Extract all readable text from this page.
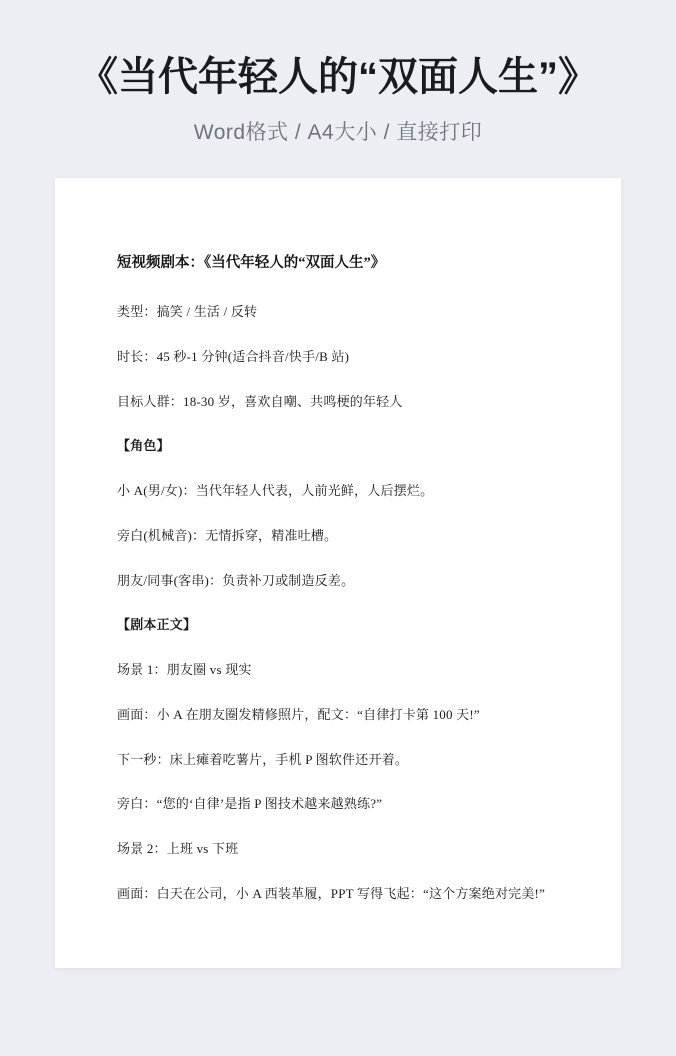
《当代年轻人的“双面人生”》
Word格式 / A4大小 / 直接打印
短视频剧本：《当代年轻人的“双面人生”》
类型：搞笑 / 生活 / 反转
时长：45 秒-1 分钟(适合抖音/快手/B 站)
目标人群：18-30 岁，喜欢自嘲、共鸣梗的年轻人
【角色】
小 A(男/女)：当代年轻人代表，人前光鲜，人后摆烂。
旁白(机械音)：无情拆穿，精准吐槽。
朋友/同事(客串)：负责补刀或制造反差。
【剧本正文】
场景 1：朋友圈 vs 现实
画面：小 A 在朋友圈发精修照片，配文：“自律打卡第 100 天!”
下一秒：床上瘫着吃薯片，手机 P 图软件还开着。
旁白：“您的‘自律’是指 P 图技术越来越熟练?”
场景 2：上班 vs 下班
画面：白天在公司，小 A 西装革履，PPT 写得飞起：“这个方案绝对完美!”
